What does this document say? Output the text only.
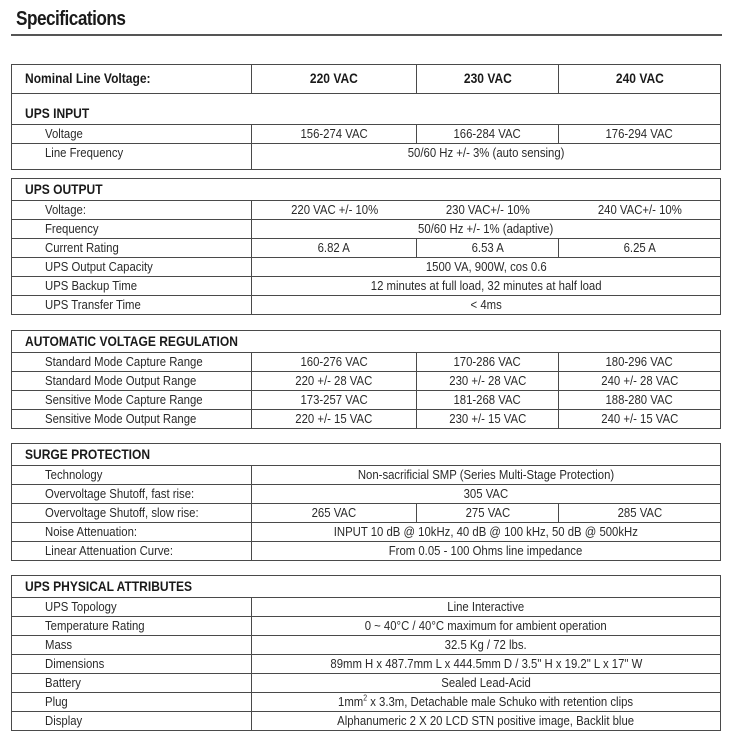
Specifications
Nominal Line Voltage:	220 VAC	230 VAC	240 VAC
UPS INPUT
Voltage	156-274 VAC	166-284 VAC	176-294 VAC
Line Frequency	50/60 Hz +/- 3% (auto sensing)
UPS OUTPUT
Voltage:	220 VAC +/- 10%	230 VAC+/- 10%	240 VAC+/- 10%
Frequency	50/60 Hz +/- 1% (adaptive)
Current Rating	6.82 A	6.53 A	6.25 A
UPS Output Capacity	1500 VA, 900W, cos 0.6
UPS Backup Time	12 minutes at full load, 32 minutes at half load
UPS Transfer Time	< 4ms
AUTOMATIC VOLTAGE REGULATION
Standard Mode Capture Range	160-276 VAC	170-286 VAC	180-296 VAC
Standard Mode Output Range	220 +/- 28 VAC	230 +/- 28 VAC	240 +/- 28 VAC
Sensitive Mode Capture Range	173-257 VAC	181-268 VAC	188-280 VAC
Sensitive Mode Output Range	220 +/- 15 VAC	230 +/- 15 VAC	240 +/- 15 VAC
SURGE PROTECTION
Technology	Non-sacrificial SMP (Series Multi-Stage Protection)
Overvoltage Shutoff, fast rise:	305 VAC
Overvoltage Shutoff, slow rise:	265 VAC	275 VAC	285 VAC
Noise Attenuation:	INPUT 10 dB @ 10kHz, 40 dB @ 100 kHz, 50 dB @ 500kHz
Linear Attenuation Curve:	From 0.05 - 100 Ohms line impedance
UPS PHYSICAL ATTRIBUTES
UPS Topology	Line Interactive
Temperature Rating	0 ~ 40°C / 40°C maximum for ambient operation
Mass	32.5 Kg / 72 lbs.
Dimensions	89mm H x 487.7mm L x 444.5mm D / 3.5" H x 19.2" L x 17" W
Battery	Sealed Lead-Acid
Plug	$1mm^2$ x 3.3m, Detachable male Schuko with retention clips
Display	Alphanumeric 2 X 20 LCD STN positive image, Backlit blue
